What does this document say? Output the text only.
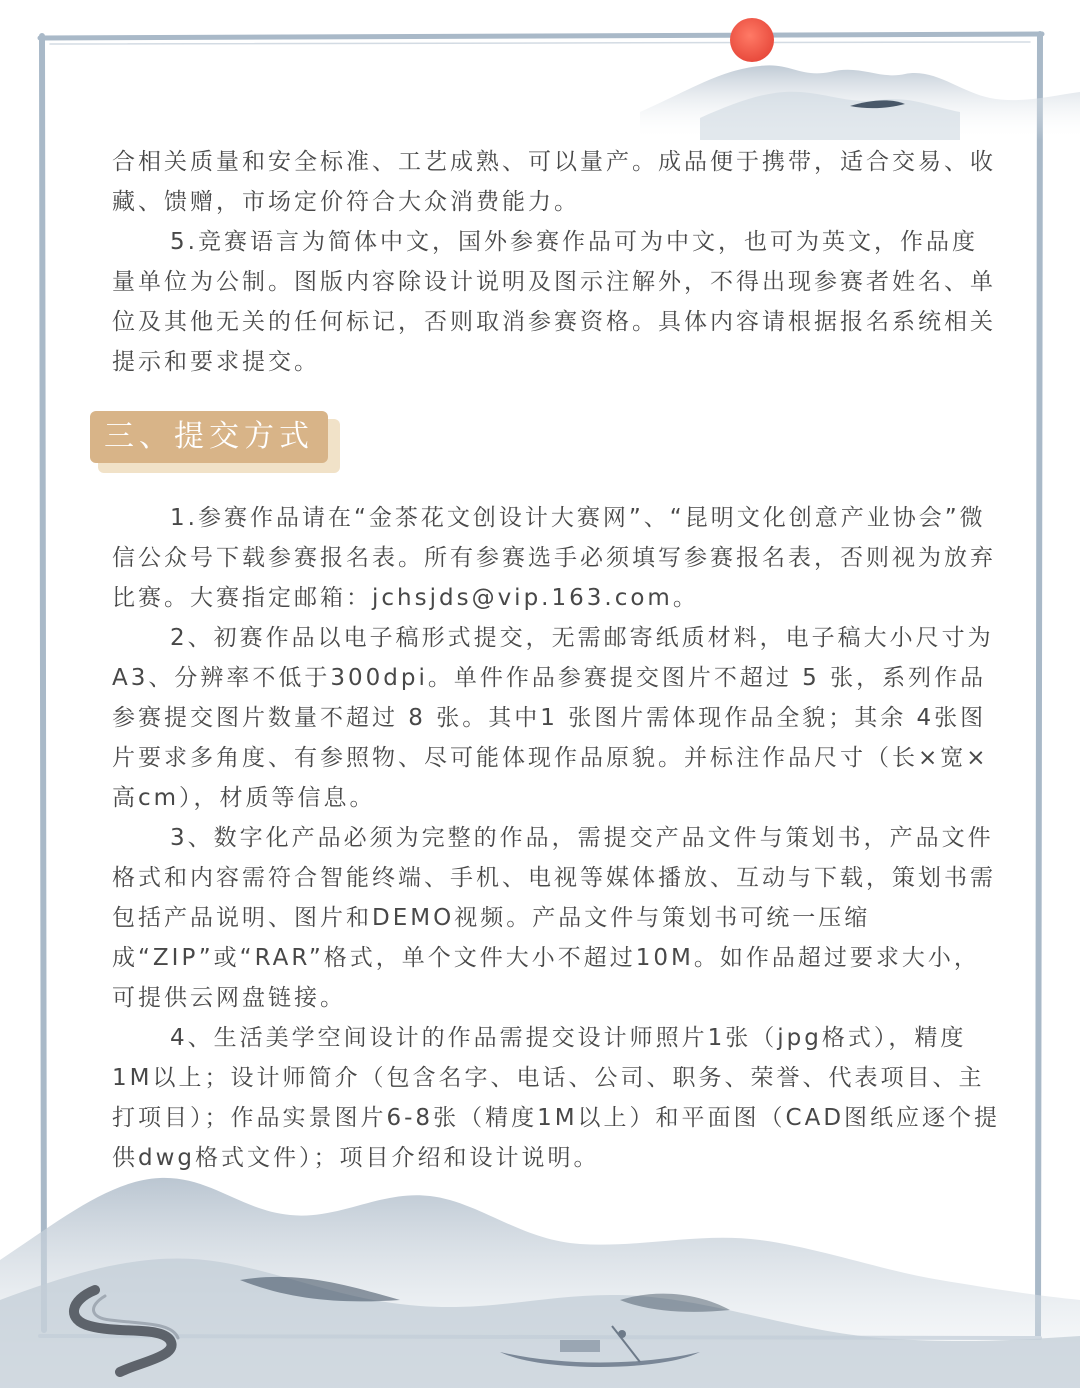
合相关质量和安全标准、工艺成熟、可以量产。成品便于携带，适合交易、收藏、馈赠，市场定价符合大众消费能力。

5.竞赛语言为简体中文，国外参赛作品可为中文，也可为英文，作品度量单位为公制。图版内容除设计说明及图示注解外，不得出现参赛者姓名、单位及其他无关的任何标记，否则取消参赛资格。具体内容请根据报名系统相关提示和要求提交。

三、提交方式

1.参赛作品请在“金茶花文创设计大赛网”、“昆明文化创意产业协会”微信公众号下载参赛报名表。所有参赛选手必须填写参赛报名表，否则视为放弃比赛。大赛指定邮箱：jchsjds@vip.163.com。

2、初赛作品以电子稿形式提交，无需邮寄纸质材料，电子稿大小尺寸为A3、分辨率不低于300dpi。单件作品参赛提交图片不超过 5 张，系列作品参赛提交图片数量不超过 8 张。其中1 张图片需体现作品全貌；其余 4张图片要求多角度、有参照物、尽可能体现作品原貌。并标注作品尺寸（长×宽×高cm），材质等信息。

3、数字化产品必须为完整的作品，需提交产品文件与策划书，产品文件格式和内容需符合智能终端、手机、电视等媒体播放、互动与下载，策划书需包括产品说明、图片和DEMO视频。产品文件与策划书可统一压缩成“ZIP”或“RAR”格式，单个文件大小不超过10M。如作品超过要求大小，可提供云网盘链接。

4、生活美学空间设计的作品需提交设计师照片1张（jpg格式），精度1M以上；设计师简介（包含名字、电话、公司、职务、荣誉、代表项目、主打项目）；作品实景图片6-8张（精度1M以上）和平面图（CAD图纸应逐个提供dwg格式文件）；项目介绍和设计说明。
